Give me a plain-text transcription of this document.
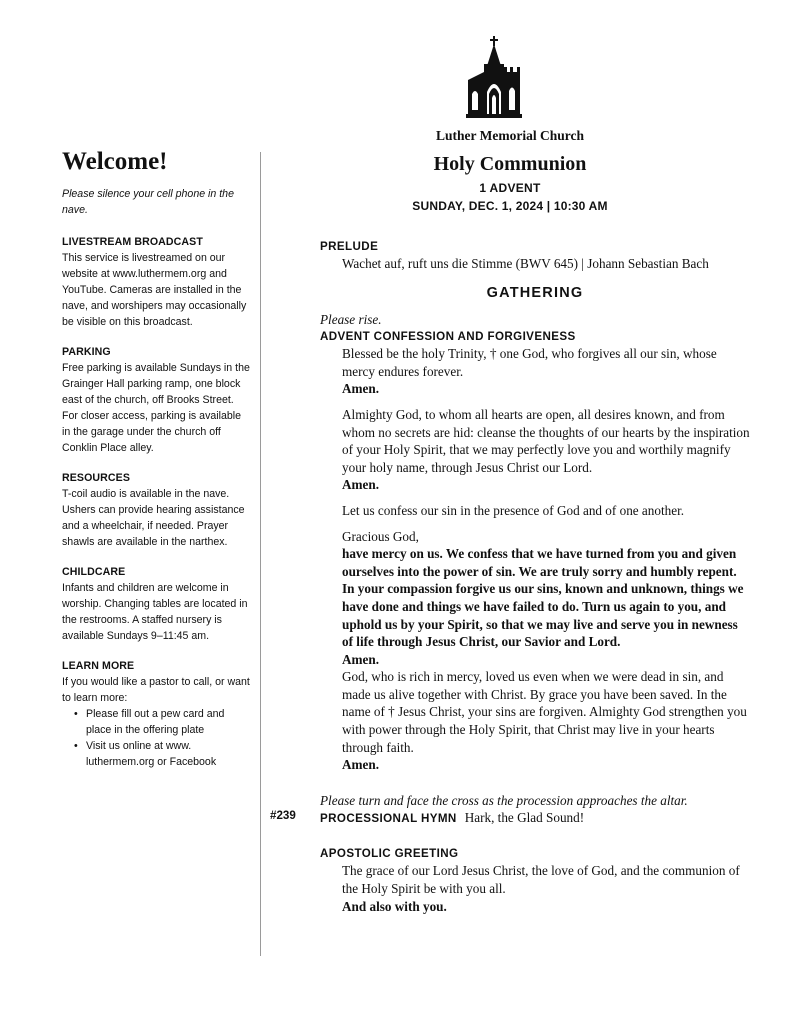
Luther Memorial Church
Holy Communion
1 ADVENT
SUNDAY, DEC. 1, 2024 | 10:30 AM
Welcome!
Please silence your cell phone in the nave.
LIVESTREAM BROADCAST
This service is livestreamed on our website at www.luthermem.org and YouTube. Cameras are installed in the nave, and worshipers may occasionally be visible on this broadcast.
PARKING
Free parking is available Sundays in the Grainger Hall parking ramp, one block east of the church, off Brooks Street. For closer access, parking is available in the garage under the church off Conklin Place alley.
RESOURCES
T-coil audio is available in the nave. Ushers can provide hearing assistance and a wheelchair, if needed. Prayer shawls are available in the narthex.
CHILDCARE
Infants and children are welcome in worship. Changing tables are located in the restrooms. A staffed nursery is available Sundays 9–11:45 am.
LEARN MORE
If you would like a pastor to call, or want to learn more:
• Please fill out a pew card and place in the offering plate
• Visit us online at www. luthermem.org or Facebook
PRELUDE
Wachet auf, ruft uns die Stimme (BWV 645) | Johann Sebastian Bach
GATHERING
Please rise.
ADVENT CONFESSION AND FORGIVENESS
Blessed be the holy Trinity, † one God, who forgives all our sin, whose mercy endures forever.
Amen.
Almighty God, to whom all hearts are open, all desires known, and from whom no secrets are hid: cleanse the thoughts of our hearts by the inspiration of your Holy Spirit, that we may perfectly love you and worthily magnify your holy name, through Jesus Christ our Lord.
Amen.
Let us confess our sin in the presence of God and of one another.
Gracious God,
have mercy on us. We confess that we have turned from you and given ourselves into the power of sin. We are truly sorry and humbly repent. In your compassion forgive us our sins, known and unknown, things we have done and things we have failed to do. Turn us again to you, and uphold us by your Spirit, so that we may live and serve you in newness of life through Jesus Christ, our Savior and Lord.
Amen.
God, who is rich in mercy, loved us even when we were dead in sin, and made us alive together with Christ. By grace you have been saved. In the name of † Jesus Christ, your sins are forgiven. Almighty God strengthen you with power through the Holy Spirit, that Christ may live in your hearts through faith.
Amen.
Please turn and face the cross as the procession approaches the altar.
#239 PROCESSIONAL HYMN Hark, the Glad Sound!
APOSTOLIC GREETING
The grace of our Lord Jesus Christ, the love of God, and the communion of the Holy Spirit be with you all.
And also with you.
